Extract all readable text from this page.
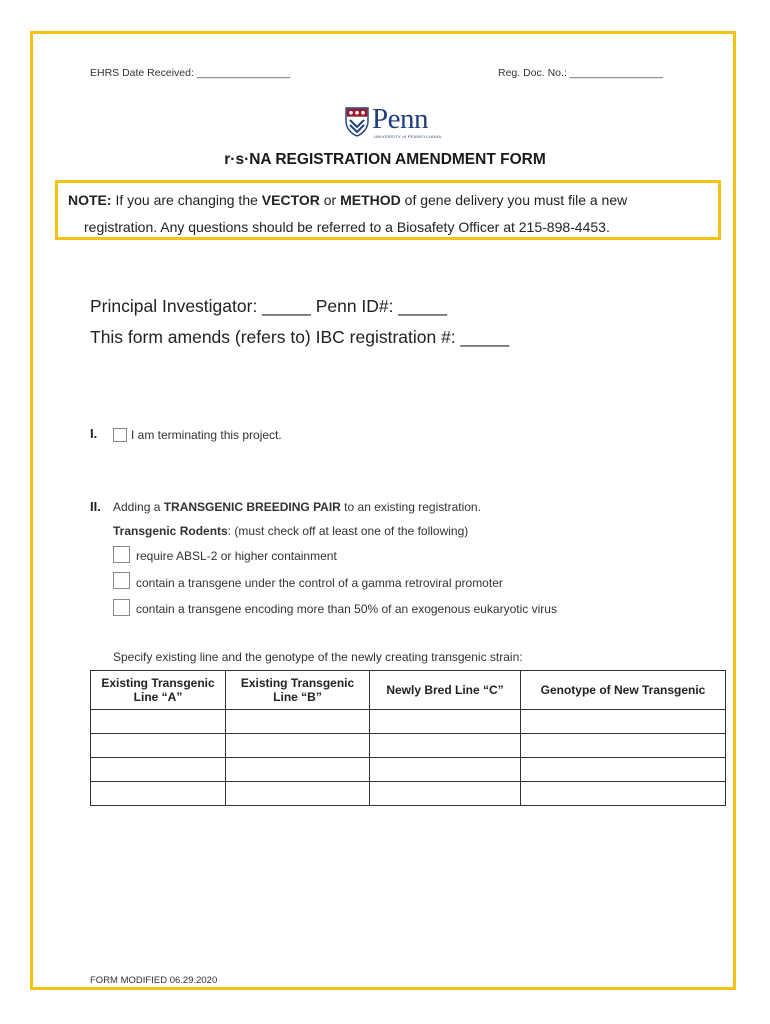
EHRS Date Received: ________________	Reg. Doc. No.: ________________
Penn
UNIVERSITY of PENNSYLVANIA
r·s·NA REGISTRATION AMENDMENT FORM
NOTE: If you are changing the VECTOR or METHOD of gene delivery you must file a new
registration. Any questions should be referred to a Biosafety Officer at 215-898-4453.
Principal Investigator: _____ Penn ID#: _____
This form amends (refers to) IBC registration #: _____
I.	I am terminating this project.
II. Adding a TRANSGENIC BREEDING PAIR to an existing registration.
Transgenic Rodents: (must check off at least one of the following)
require ABSL-2 or higher containment
contain a transgene under the control of a gamma retroviral promoter
contain a transgene encoding more than 50% of an exogenous eukaryotic virus
Specify existing line and the genotype of the newly creating transgenic strain:
Existing Transgenic
Line “A”	Existing Transgenic
Line “B”	Newly Bred Line “C”	Genotype of New Transgenic

FORM MODIFIED 06.29.2020
